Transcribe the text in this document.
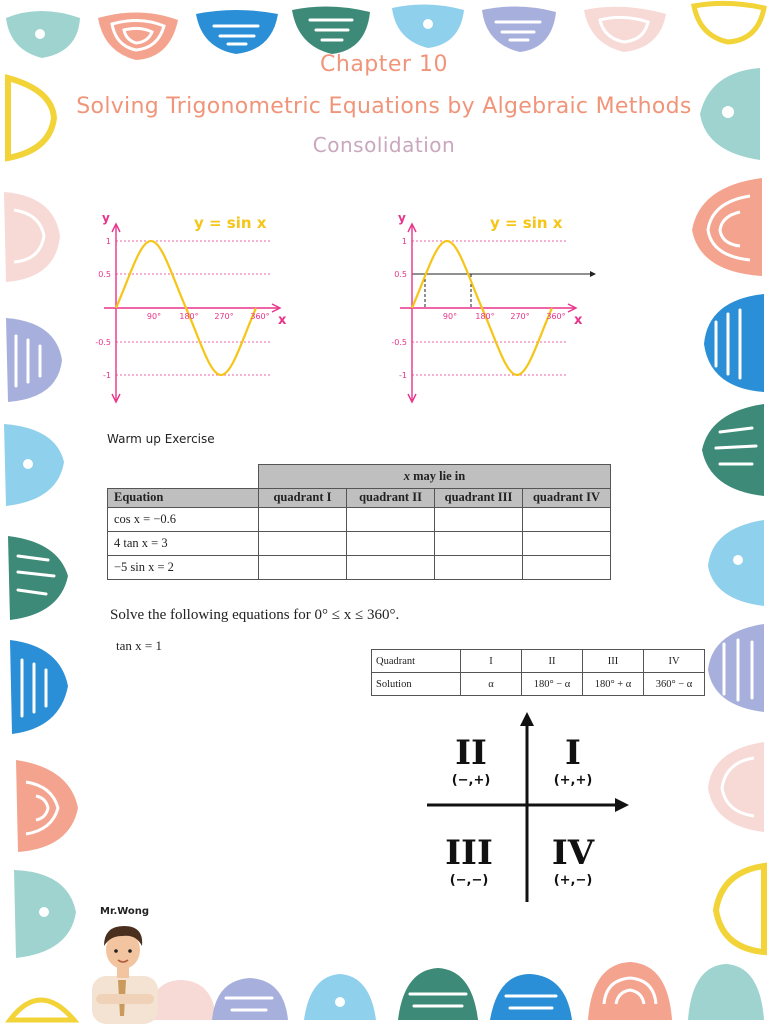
Chapter 10
Solving Trigonometric Equations by Algebraic Methods
Consolidation
y
x
y = sin x
1
0.5
-0.5
-1
90° 180° 270° 360°
y
x
y = sin x
1
0.5
-0.5
-1
90° 180° 270° 360°
Warm up Exercise
	x may lie in			
Equation	quadrant I	quadrant II	quadrant III	quadrant IV
cos x = −0.6				
4 tan x = 3				
−5 sin x = 2				
Solve the following equations for 0° ≤ x ≤ 360°.
tan x = 1
Quadrant	I	II	III	IV
Solution	α	180° − α	180° + α	360° − α
II
(−,+)
I
(+,+)
III
(−,−)
IV
(+,−)
Mr.Wong
